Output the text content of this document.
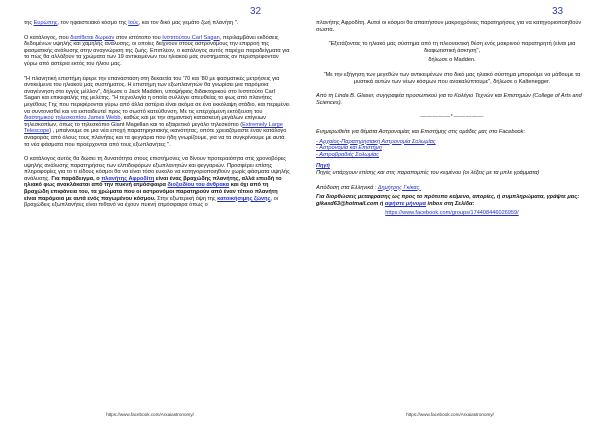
32

της Ευρώπης, τον ηφαιστειακό κόσμο της Ιούς, και τον δικό μας γεμάτο ζωή πλανήτη ".

Ο κατάλογος, που διατίθεται δωρεάν στον ιστότοπο του Ινστιτούτου Carl Sagan, περιλαμβάνει εκδόσεις δεδομένων υψηλής και χαμηλής ανάλυσης, οι οποίες δείχνουν στους αστρονόμους την επιρροή της φασματικής ανάλυσης στην αναγνώριση της ζωής. Επιπλέον, ο κατάλογος αυτός παρέχει παραδείγματα για το πώς θα αλλάξουν τα χρώματα των 19 αντικειμένων του ηλιακού μας συστήματος αν περιστρέφονταν γύρω από αστέρια εκτός του ήλιου μας.

"Η πλανητική επιστήμη έφερε την επανάσταση στη δεκαετία του '70 και '80 με φασματικές μετρήσεις για αντικείμενα του ηλιακού μας συστήματος. Η επιστήμη των εξωπλανητών θα γνωρίσει μια παρόμοια αναγέννηση στο εγγύς μέλλον", δήλωσε ο Jack Madden, υποψήφιος διδακτορικού στο Ινστιτούτο Carl Sagan και επικεφαλής της μελέτης. "Η τεχνολογία η οποία συλλέγει απευθείας το φως από πλανήτες μεγέθους Γης που περιφέρονται γύρω από άλλα αστέρια είναι ακόμα σε ένα εκκόλαψη στάδιο, και περιμένει να συντονισθεί και να εκπαιδευτεί προς το σωστό κατεύθυνση. Με τις επερχόμενη εκτόξευση του διαστημικού τηλεσκοπίου James Webb, καθώς και με την σημαντική κατασκευή μεγάλων επίγειων τηλεσκοπίων, όπως το τηλεσκόπιο Giant Magellan και το εξαιρετικό μεγάλο τηλεσκόπιο (Extremely Large Telescope) , μπαίνουμε σε μια νέα εποχή παρατηρησιακής ικανότητας, οπότε χρειαζόμαστε έναν κατάλογο αναφοράς από όλους τους πλανήτες και τα φεγγάρια που ήδη γνωρίζουμε, για να τα συγκρίνουμε με αυτά τα νέα φάσματα που προέρχονται από τους εξωπλανήτες ".

Ο κατάλογος αυτός θα δώσει τη δυνατότητα στους επιστήμονες να δίνουν προτεραιότητα στις χρονοβόρες υψηλής ανάλυσης παρατηρήσεις των ελπιδοφόρων εξωπλανητών και φεγγαριών. Προσφέρει επίσης πληροφορίες για το τι είδους κόσμοι θα να είναι τόσο ευκολο να κατηγοριοποιηθούν χωρίς φάσματα υψηλής ανάλυσης. Για παράδειγμα, ο πλανήτης Αφροδίτη είναι ένας βραχώδης πλανήτης, αλλά επειδή το ηλιακό φως ανακλάκαται από την πυκνή ατμόσφαιρα διοξειδίου του άνθρακα και όχι από τη βραχώδη επιφάνεια του, τα χρώματα που οι αστρονόμοι παρατηρούν από έναν τέτοιο πλανήτη είναι παρόμοια με αυτά ενός παγωμένου κόσμου. Στην εξωτερική όψη της κατοικήσιμης ζώνης, οι βραχώδεις εξωπλανήτες είναι πιθανό να έχουν πυκνή ατμόσφαιρα όπως ο

https://www.facebook.com/Arxaiastronomy/
33

πλανήτης Αφροδίτη. Αυτοί οι κόσμοι θα απαιτήσουν μακροχρόνιες παρατηρήσεις για να κατηγοριοποιηθούν σωστά.

"Εξετάζοντας το ηλιακό μας σύστημα από τη πλεονεκτική θέση ενός μακρινού παρατηρητή (είναι μια διαφωτιστική άσκηση",

δήλωσε ο Madden.

"Με την εξήγηση των μεγεθών των αντικειμένων στο δικό μας ηλιακό σύστημα μπορούμε να μάθουμε τα μυστικά αυτών των νέων κόσμων που ανακαλύπτουμε", δήλωσε ο Kaltenegger.

Από τη Linda B. Glaser, συγγραφέα προσωπικού για το Κολέγιο Τεχνών και Επιστημών (College of Arts and Sciences).

—————*—————

Ενημερωθείτε για θέματα Αστρονομίας και Επιστήμης στις ομάδες μας στο Facebook:

- Αρχαίος-Παρατηρησιακή Αστρονομία Σολωμίας
- Αστρονομία και Επιστήμη
- Αστροβραδιές Σολωμίας

Πηγή

Πηγές υπάρχουν επίσης και στις παραπομπές του κειμένου (οι λέξεις με τα μπλε γράμματα)

Απόδοση στα Ελληνικά : Δημήτρης Γκίκας.

Για διορθώσεις μεταφρασης ως προς το πρότυπο κείμενο, απορίες, ή συμπληρώματα, γράψτε μας: gikasd63@hotmail.com ή αφήστε μήνυμα inbox στη Σελίδα:

https://www.facebook.com/groups/174408446026959/

https://www.facebook.com/Arxaiastronomy/
